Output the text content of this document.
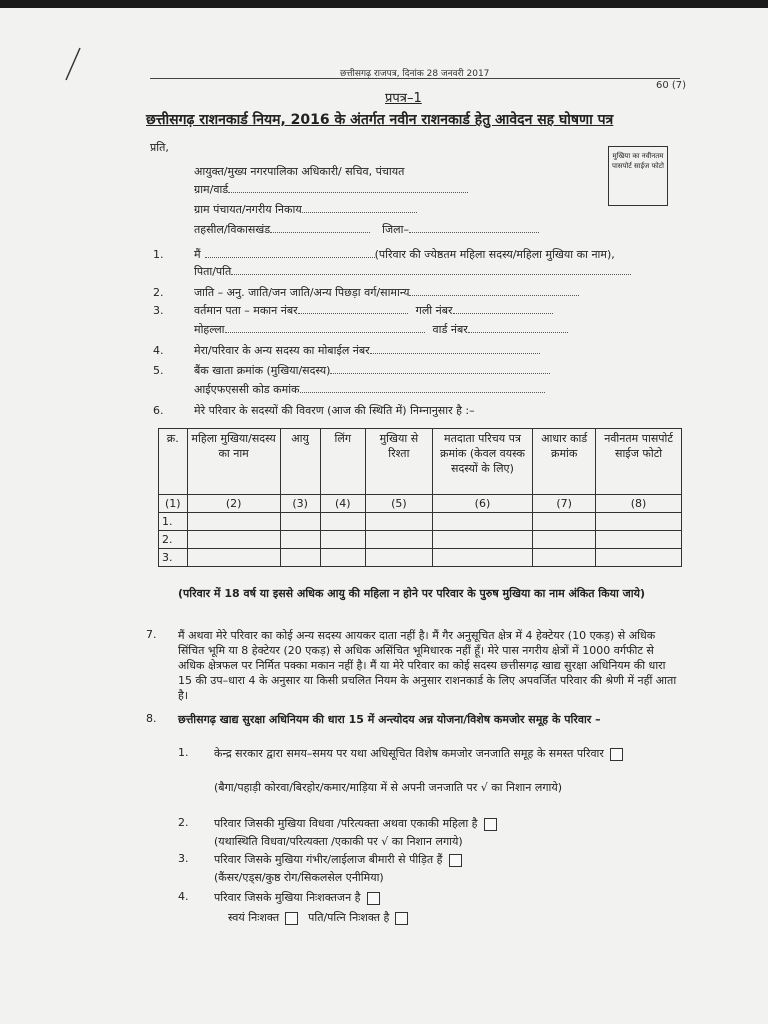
छत्तीसगढ़ राजपत्र, दिनांक 28 जनवरी 2017
60 (7)
प्रपत्र–1
छत्तीसगढ़ राशनकार्ड नियम, 2016 के अंतर्गत नवीन राशनकार्ड हेतु आवेदन सह घोषणा पत्र
प्रति,
आयुक्त/मुख्य नगरपालिका अधिकारी/ सचिव, पंचायत
ग्राम/वार्ड
ग्राम पंचायत/नगरीय निकाय
तहसील/विकासखंड	जिला–
मुखिया का नवीनतम पासपोर्ट साईज फोटो
1.	मैं	(परिवार की ज्येष्ठतम महिला सदस्य/महिला मुखिया का नाम),
पिता/पति
2.	जाति – अनु. जाति/जन जाति/अन्य पिछड़ा वर्ग/सामान्य
3.	वर्तमान पता – मकान नंबर	गली नंबर
मोहल्ला	वार्ड नंबर
4.	मेरा/परिवार के अन्य सदस्य का मोबाईल नंबर
5.	बैंक खाता क्रमांक (मुखिया/सदस्य)
आईएफएससी कोड कमांक
6.	मेरे परिवार के सदस्यों की विवरण (आज की स्थिति में) निम्नानुसार है :–
क्र.	महिला मुखिया/सदस्य का नाम	आयु	लिंग	मुखिया से रिश्ता	मतदाता परिचय पत्र क्रमांक (केवल वयस्क सदस्यों के लिए)	आधार कार्ड क्रमांक	नवीनतम पासपोर्ट साईज फोटो
(1)	(2)	(3)	(4)	(5)	(6)	(7)	(8)
1.							
2.							
3.							
(परिवार में 18 वर्ष या इससे अधिक आयु की महिला न होने पर परिवार के पुरुष मुखिया का नाम अंकित किया जाये)
7. मैं अथवा मेरे परिवार का कोई अन्य सदस्य आयकर दाता नहीं है। मैं गैर अनुसूचित क्षेत्र में 4 हेक्टेयर (10 एकड़) से अधिक सिंचित भूमि या 8 हेक्टेयर (20 एकड़) से अधिक असिंचित भूमिधारक नहीं हूँ। मेरे पास नगरीय क्षेत्रों में 1000 वर्गफीट से अधिक क्षेत्रफल पर निर्मित पक्का मकान नहीं है। मैं या मेरे परिवार का कोई सदस्य छत्तीसगढ़ खाद्य सुरक्षा अधिनियम की धारा 15 की उप–धारा 4 के अनुसार या किसी प्रचलित नियम के अनुसार राशनकार्ड के लिए अपवर्जित परिवार की श्रेणी में नहीं आता है।
8. छत्तीसगढ़ खाद्य सुरक्षा अधिनियम की धारा 15 में अन्त्योदय अन्न योजना/विशेष कमजोर समूह के परिवार –
1. केन्द्र सरकार द्वारा समय–समय पर यथा अधिसूचित विशेष कमजोर जनजाति समूह के समस्त परिवार
(बैगा/पहाड़ी कोरवा/बिरहोर/कमार/माड़िया में से अपनी जनजाति पर √ का निशान लगाये)
2. परिवार जिसकी मुखिया विधवा /परित्यक्ता अथवा एकाकी महिला है
(यथास्थिति विधवा/परित्यक्ता /एकाकी पर √ का निशान लगाये)
3. परिवार जिसके मुखिया गंभीर/लाईलाज बीमारी से पीड़ित हैं
(कैंसर/एड्स/कुष्ठ रोग/सिकलसेल एनीमिया)
4. परिवार जिसके मुखिया निःशक्तजन है
स्वयं निःशक्त	पति/पत्नि निःशक्त है
